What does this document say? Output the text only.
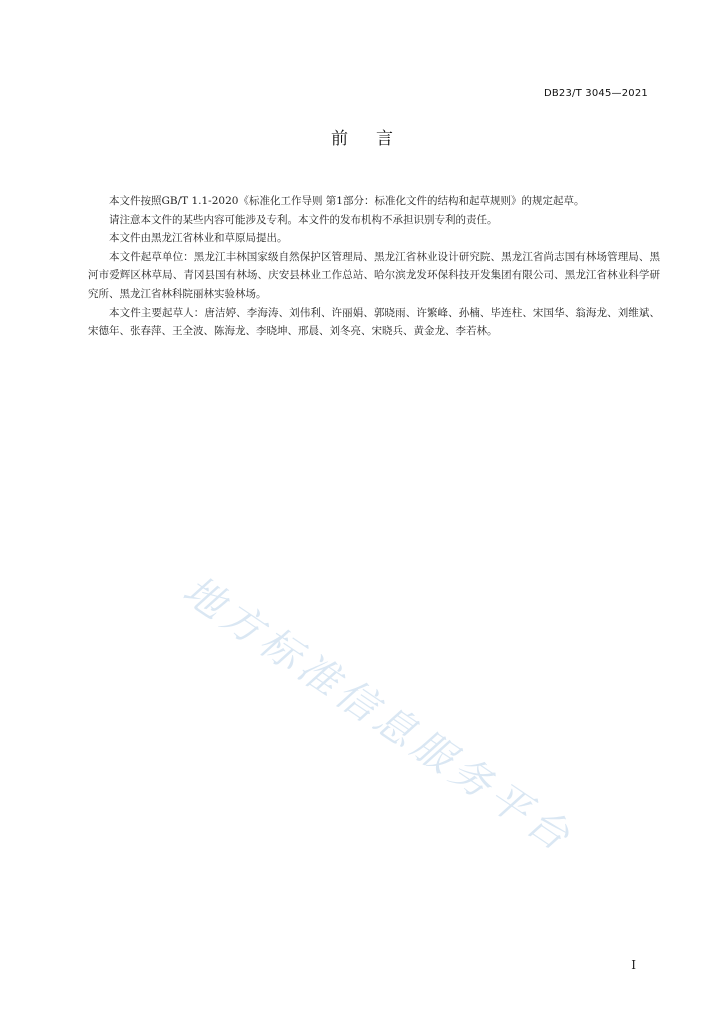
DB23/T 3045—2021
前言

本文件按照GB/T 1.1-2020《标准化工作导则 第1部分：标准化文件的结构和起草规则》的规定起草。

请注意本文件的某些内容可能涉及专利。本文件的发布机构不承担识别专利的责任。

本文件由黑龙江省林业和草原局提出。

本文件起草单位：黑龙江丰林国家级自然保护区管理局、黑龙江省林业设计研究院、黑龙江省尚志国有林场管理局、黑河市爱辉区林草局、青冈县国有林场、庆安县林业工作总站、哈尔滨龙发环保科技开发集团有限公司、黑龙江省林业科学研究所、黑龙江省林科院丽林实验林场。

本文件主要起草人：唐洁婷、李海涛、刘伟利、许丽娟、郭晓雨、许繁峰、孙楠、毕连柱、宋国华、翁海龙、刘维斌、宋德年、张春萍、王全波、陈海龙、李晓坤、邢晨、刘冬亮、宋晓兵、黄金龙、李若林。

地方标准信息服务平台
I
